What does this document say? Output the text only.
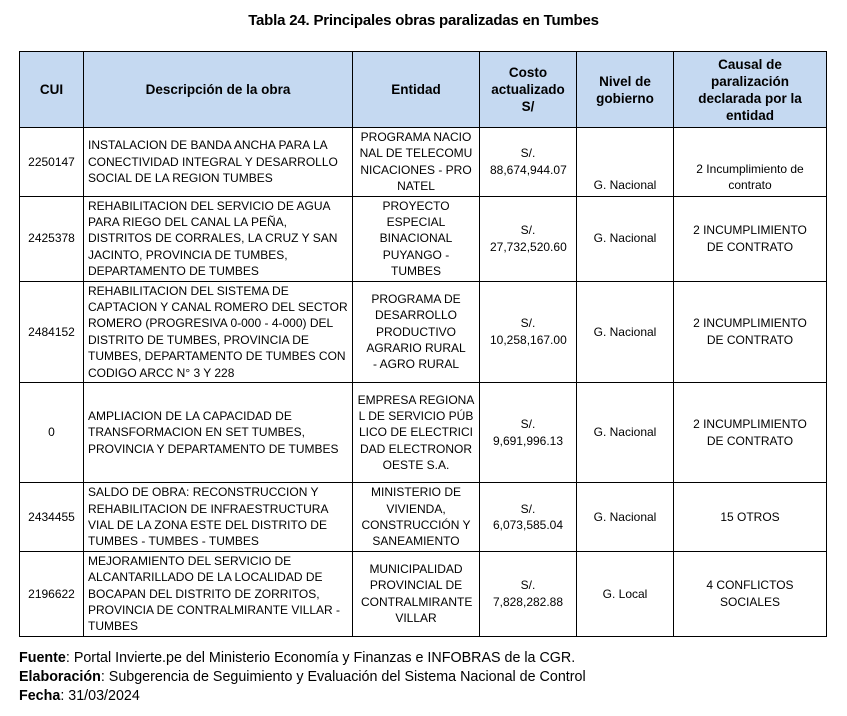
Tabla 24. Principales obras paralizadas en Tumbes
CUI	Descripción de la obra	Entidad	Costo actualizado S/	Nivel de gobierno	Causal de paralización declarada por la entidad
2250147	INSTALACION DE BANDA ANCHA PARA LA CONECTIVIDAD INTEGRAL Y DESARROLLO SOCIAL DE LA REGION TUMBES	PROGRAMA NACIONAL DE TELECOMUNICACIONES - PRONATEL	S/. 88,674,944.07	G. Nacional	2 Incumplimiento de contrato
2425378	REHABILITACION DEL SERVICIO DE AGUA PARA RIEGO DEL CANAL LA PEÑA, DISTRITOS DE CORRALES, LA CRUZ Y SAN JACINTO, PROVINCIA DE TUMBES, DEPARTAMENTO DE TUMBES	PROYECTO ESPECIAL BINACIONAL PUYANGO - TUMBES	S/. 27,732,520.60	G. Nacional	2 INCUMPLIMIENTO DE CONTRATO
2484152	REHABILITACION DEL SISTEMA DE CAPTACION Y CANAL ROMERO DEL SECTOR ROMERO (PROGRESIVA 0-000 - 4-000) DEL DISTRITO DE TUMBES, PROVINCIA DE TUMBES, DEPARTAMENTO DE TUMBES CON CODIGO ARCC N° 3 Y 228	PROGRAMA DE DESARROLLO PRODUCTIVO AGRARIO RURAL - AGRO RURAL	S/. 10,258,167.00	G. Nacional	2 INCUMPLIMIENTO DE CONTRATO
0	AMPLIACION DE LA CAPACIDAD DE TRANSFORMACION EN SET TUMBES, PROVINCIA Y DEPARTAMENTO DE TUMBES	EMPRESA REGIONAL DE SERVICIO PÚBLICO DE ELECTRICIDAD ELECTRONOROESTE S.A.	S/. 9,691,996.13	G. Nacional	2 INCUMPLIMIENTO DE CONTRATO
2434455	SALDO DE OBRA: RECONSTRUCCION Y REHABILITACION DE INFRAESTRUCTURA VIAL DE LA ZONA ESTE DEL DISTRITO DE TUMBES - TUMBES - TUMBES	MINISTERIO DE VIVIENDA, CONSTRUCCIÓN Y SANEAMIENTO	S/. 6,073,585.04	G. Nacional	15 OTROS
2196622	MEJORAMIENTO DEL SERVICIO DE ALCANTARILLADO DE LA LOCALIDAD DE BOCAPAN DEL DISTRITO DE ZORRITOS, PROVINCIA DE CONTRALMIRANTE VILLAR - TUMBES	MUNICIPALIDAD PROVINCIAL DE CONTRALMIRANTE VILLAR	S/. 7,828,282.88	G. Local	4 CONFLICTOS SOCIALES
Fuente: Portal Invierte.pe del Ministerio Economía y Finanzas e INFOBRAS de la CGR.
Elaboración: Subgerencia de Seguimiento y Evaluación del Sistema Nacional de Control
Fecha: 31/03/2024
